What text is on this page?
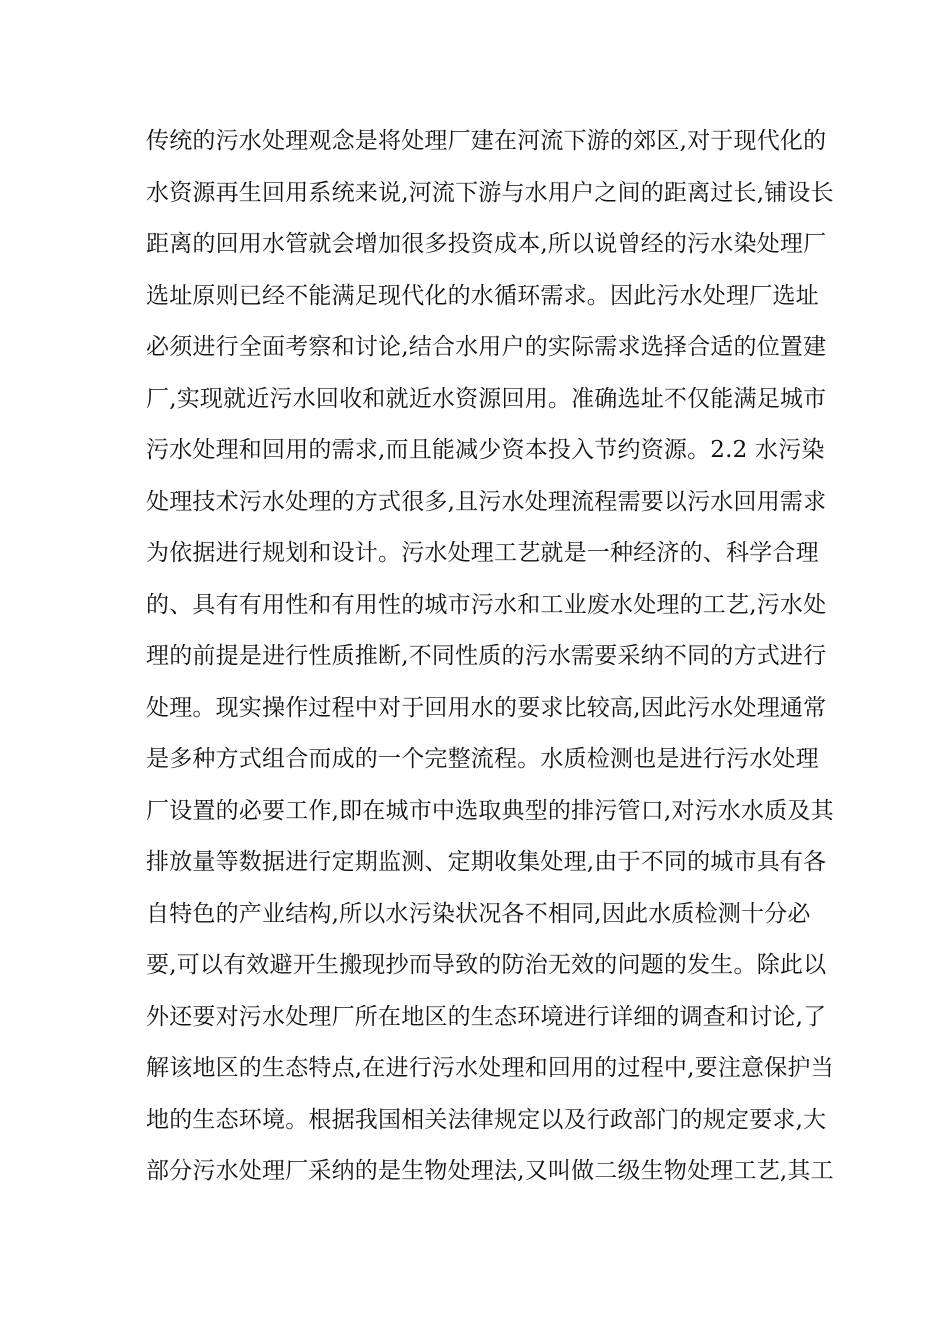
传统的污水处理观念是将处理厂建在河流下游的郊区,对于现代化的
水资源再生回用系统来说,河流下游与水用户之间的距离过长,铺设长
距离的回用水管就会增加很多投资成本,所以说曾经的污水染处理厂
选址原则已经不能满足现代化的水循环需求。因此污水处理厂选址
必须进行全面考察和讨论,结合水用户的实际需求选择合适的位置建
厂,实现就近污水回收和就近水资源回用。准确选址不仅能满足城市
污水处理和回用的需求,而且能减少资本投入节约资源。2.2 水污染
处理技术污水处理的方式很多,且污水处理流程需要以污水回用需求
为依据进行规划和设计。污水处理工艺就是一种经济的、科学合理
的、具有有用性和有用性的城市污水和工业废水处理的工艺,污水处
理的前提是进行性质推断,不同性质的污水需要采纳不同的方式进行
处理。现实操作过程中对于回用水的要求比较高,因此污水处理通常
是多种方式组合而成的一个完整流程。水质检测也是进行污水处理
厂设置的必要工作,即在城市中选取典型的排污管口,对污水水质及其
排放量等数据进行定期监测、定期收集处理,由于不同的城市具有各
自特色的产业结构,所以水污染状况各不相同,因此水质检测十分必
要,可以有效避开生搬现抄而导致的防治无效的问题的发生。除此以
外还要对污水处理厂所在地区的生态环境进行详细的调查和讨论,了
解该地区的生态特点,在进行污水处理和回用的过程中,要注意保护当
地的生态环境。根据我国相关法律规定以及行政部门的规定要求,大
部分污水处理厂采纳的是生物处理法,又叫做二级生物处理工艺,其工
